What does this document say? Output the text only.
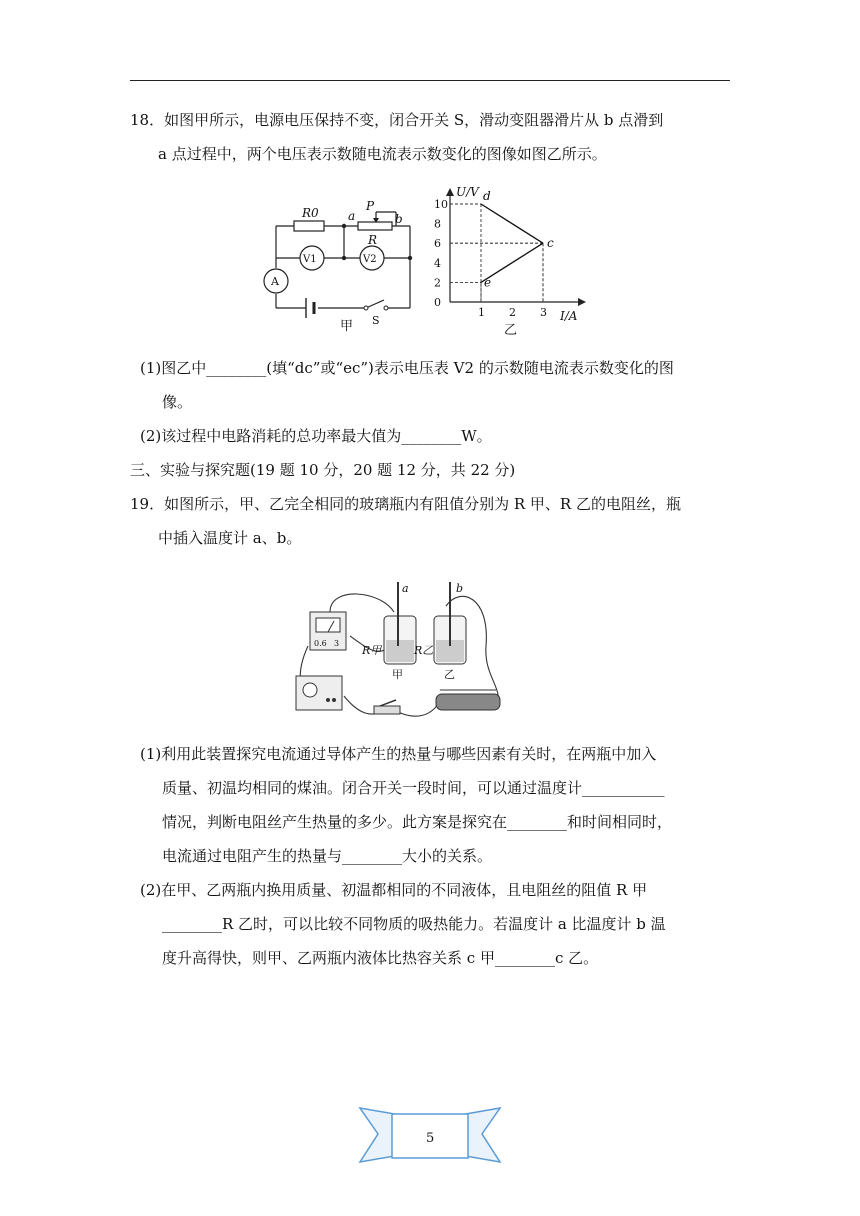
18．如图甲所示，电源电压保持不变，闭合开关 S，滑动变阻器滑片从 b 点滑到
a 点过程中，两个电压表示数随电流表示数变化的图像如图乙所示。
R0 a
P
b
R
V1	V2
A
S
甲
10
8
6
4
2
0
1 2 3
d
c
e
U/V
I/A
乙
(1)图乙中________(填“dc”或“ec”)表示电压表 V2 的示数随电流表示数变化的图
像。
(2)该过程中电路消耗的总功率最大值为________W。
三、实验与探究题(19 题 10 分，20 题 12 分，共 22 分)
19．如图所示，甲、乙完全相同的玻璃瓶内有阻值分别为 R 甲、R 乙的电阻丝，瓶
中插入温度计 a、b。
0.6 3
a	b
R甲	R乙
甲	乙
(1)利用此装置探究电流通过导体产生的热量与哪些因素有关时，在两瓶中加入
质量、初温均相同的煤油。闭合开关一段时间，可以通过温度计___________
情况，判断电阻丝产生热量的多少。此方案是探究在________和时间相同时，
电流通过电阻产生的热量与________大小的关系。
(2)在甲、乙两瓶内换用质量、初温都相同的不同液体，且电阻丝的阻值 R 甲
________R 乙时，可以比较不同物质的吸热能力。若温度计 a 比温度计 b 温
度升高得快，则甲、乙两瓶内液体比热容关系 c 甲________c 乙。
5
